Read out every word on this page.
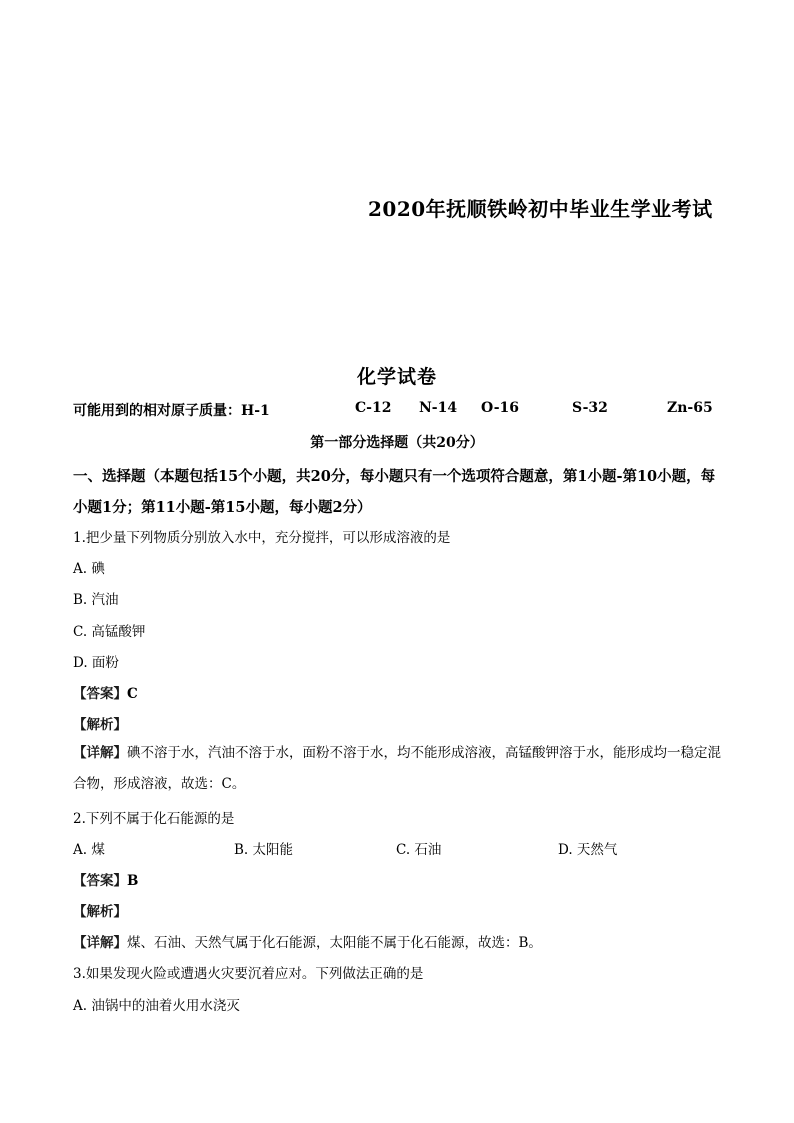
2020年抚顺铁岭初中毕业生学业考试
化学试卷
可能用到的相对原子质量：H-1	C-12 N-14 O-16	S-32	Zn-65
第一部分选择题（共20分）
一、选择题（本题包括15个小题，共20分，每小题只有一个选项符合题意，第1小题-第10小题，每小题1分；第11小题-第15小题，每小题2分）
1.把少量下列物质分别放入水中，充分搅拌，可以形成溶液的是
A. 碘
B. 汽油
C. 高锰酸钾
D. 面粉
【答案】C
【解析】
【详解】碘不溶于水，汽油不溶于水，面粉不溶于水，均不能形成溶液，高锰酸钾溶于水，能形成均一稳定混合物，形成溶液，故选：C。
2.下列不属于化石能源的是
A. 煤	B. 太阳能	C. 石油	D. 天然气
【答案】B
【解析】
【详解】煤、石油、天然气属于化石能源，太阳能不属于化石能源，故选：B。
3.如果发现火险或遭遇火灾要沉着应对。下列做法正确的是
A. 油锅中的油着火用水浇灭
